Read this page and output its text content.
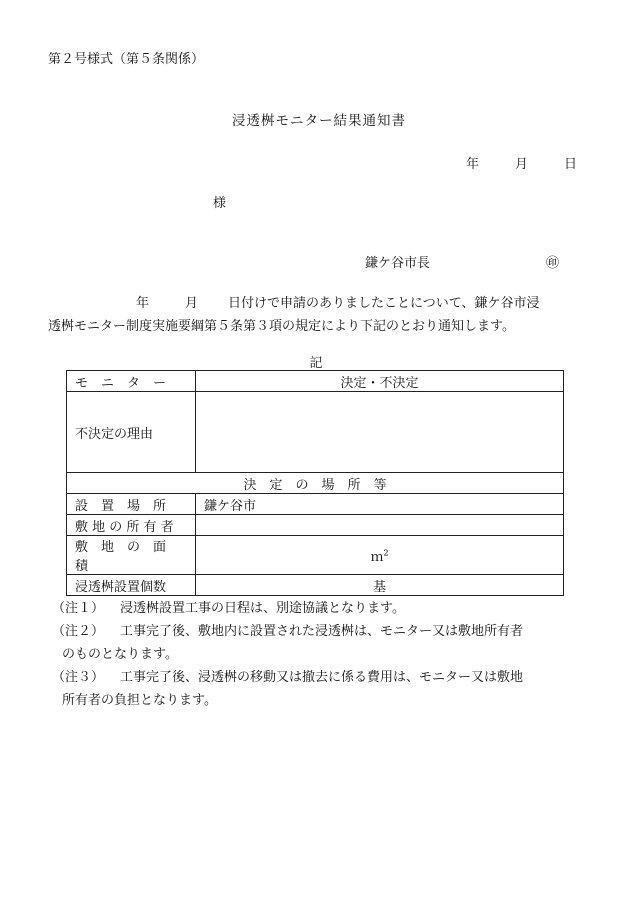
第２号様式（第５条関係）
浸透桝モニター結果通知書
年	月	日
様
鎌ケ谷市長	㊞
年	月 日付けで申請のありましたことについて、鎌ケ谷市浸
透桝モニター制度実施要綱第５条第３項の規定により下記のとおり通知します。
記
モ　ニ　タ　ー	決定・不決定
不決定の理由	
決　定　の　場　所　等	
設　置　場　所	鎌ケ谷市
敷 地 の 所 有 者	
敷　地　の　面　積	ｍ$^2$
浸透桝設置個数	基
（注１）	浸透桝設置工事の日程は、別途協議となります。
（注２）	工事完了後、敷地内に設置された浸透桝は、モニター又は敷地所有者
のものとなります。
（注３）	工事完了後、浸透桝の移動又は撤去に係る費用は、モニター又は敷地
所有者の負担となります。
